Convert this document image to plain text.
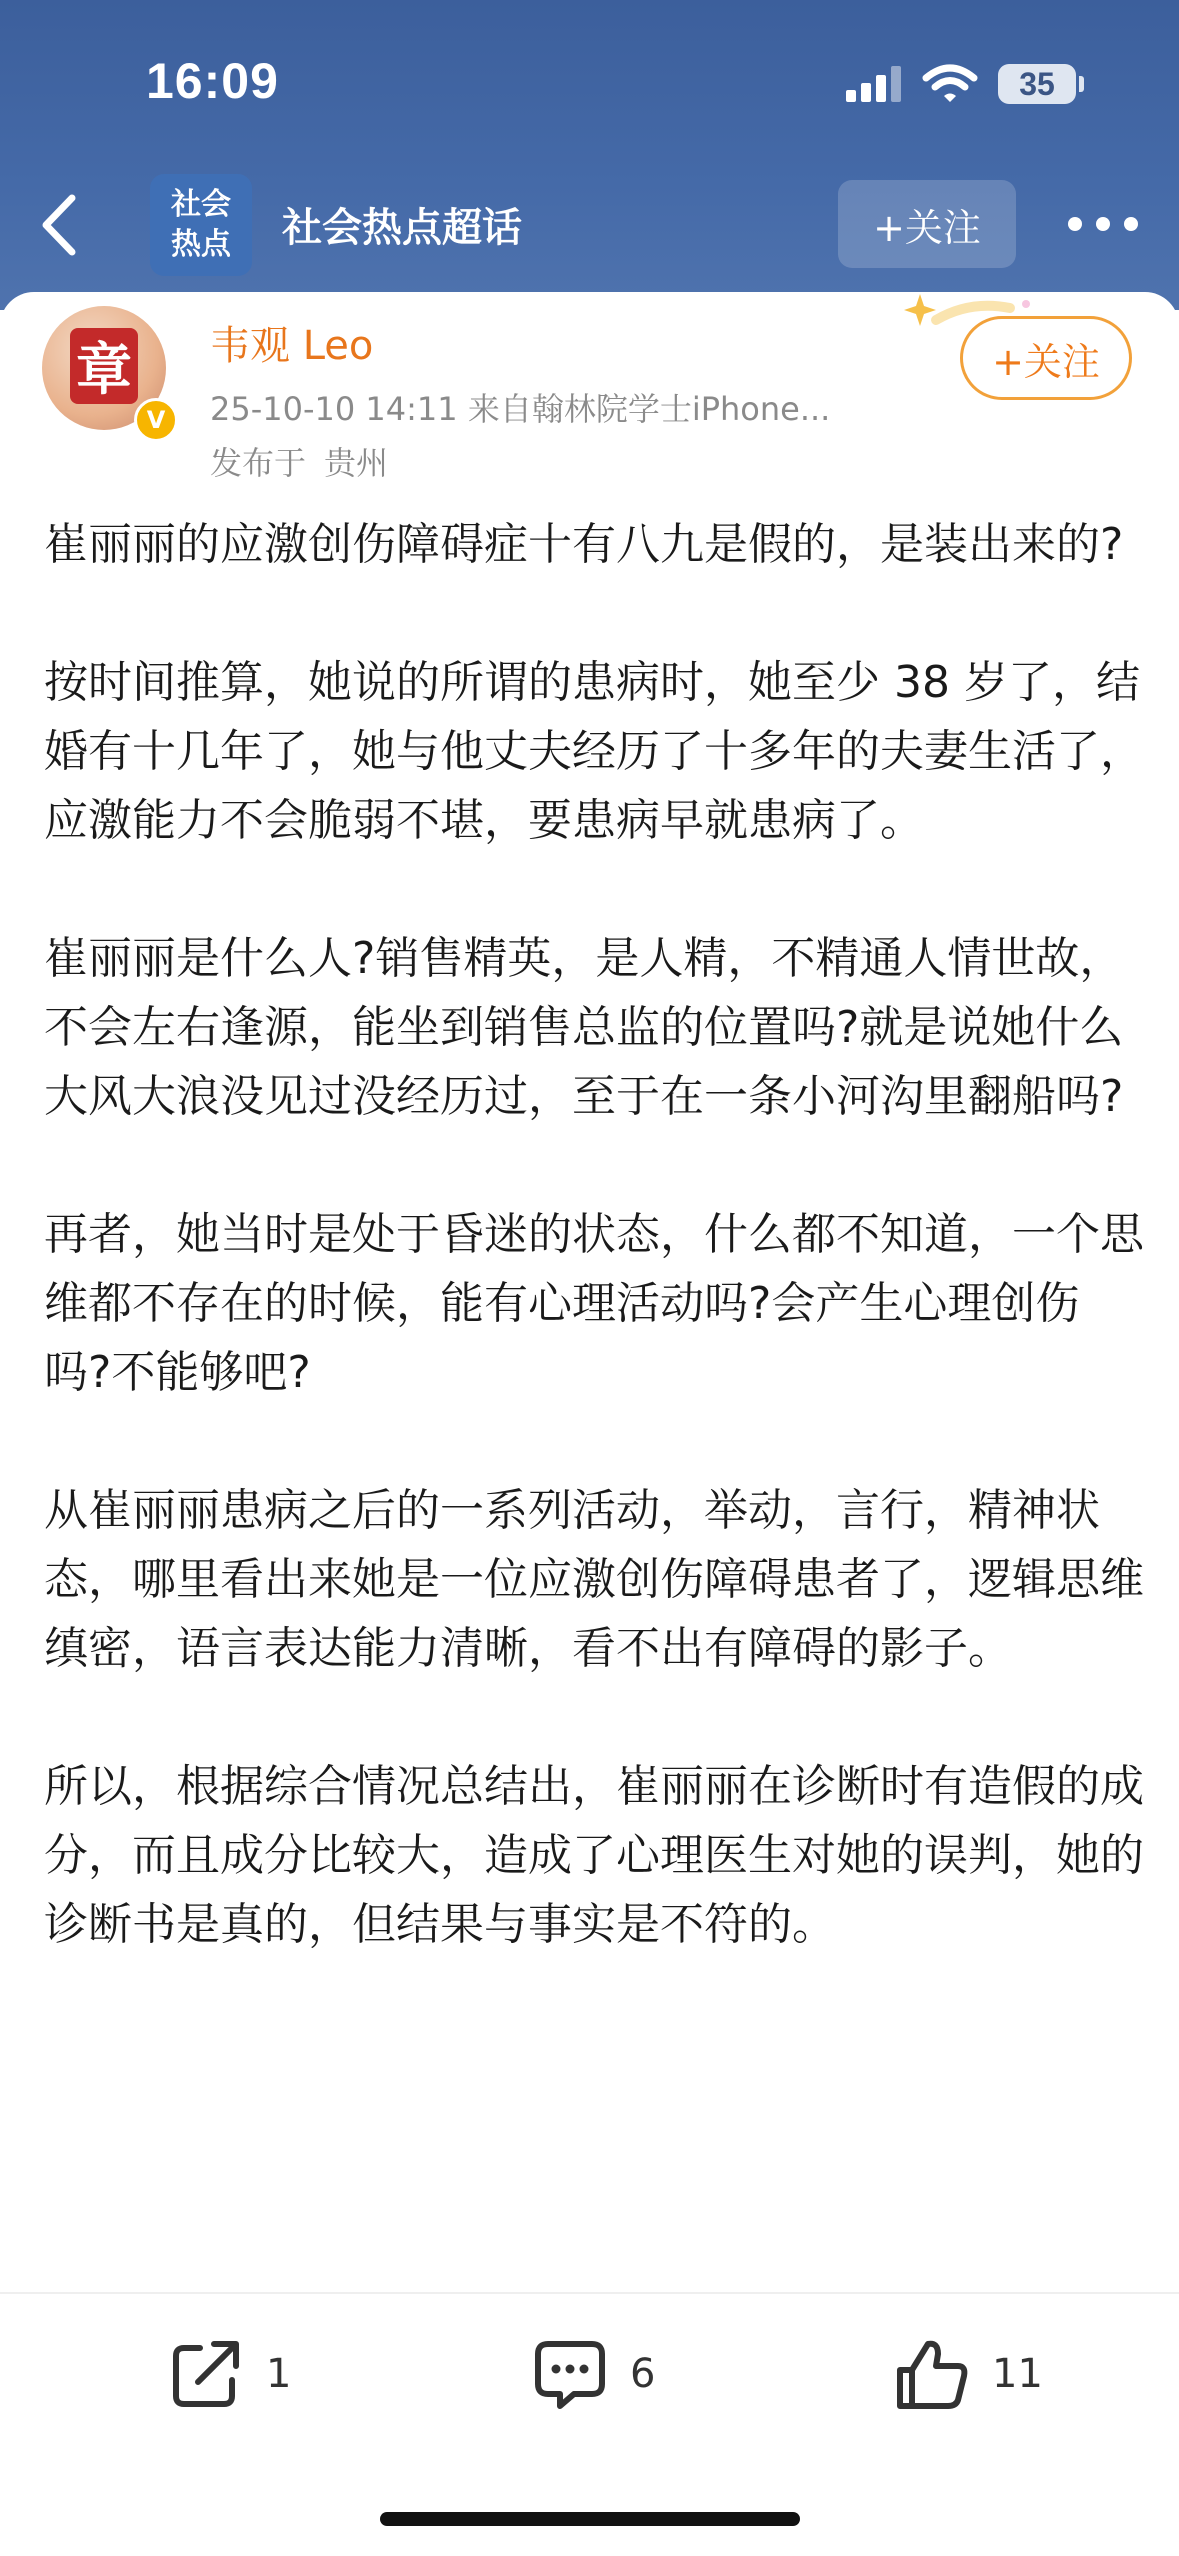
16:09	35
社会
热点 社会热点超话	+关注
章
V
韦观 Leo
25-10-10 14:11 来自翰林院学士iPhone...
发布于 贵州
+关注

崔丽丽的应激创伤障碍症十有八九是假的，是装出来的?

按时间推算，她说的所谓的患病时，她至少 38 岁了，结婚有十几年了，她与他丈夫经历了十多年的夫妻生活了，应激能力不会脆弱不堪，要患病早就患病了。

崔丽丽是什么人?销售精英，是人精，不精通人情世故，不会左右逢源，能坐到销售总监的位置吗?就是说她什么大风大浪没见过没经历过，至于在一条小河沟里翻船吗?

再者，她当时是处于昏迷的状态，什么都不知道，一个思维都不存在的时候，能有心理活动吗?会产生心理创伤吗?不能够吧?

从崔丽丽患病之后的一系列活动，举动，言行，精神状态，哪里看出来她是一位应激创伤障碍患者了，逻辑思维缜密，语言表达能力清晰，看不出有障碍的影子。

所以，根据综合情况总结出，崔丽丽在诊断时有造假的成分，而且成分比较大，造成了心理医生对她的误判，她的诊断书是真的，但结果与事实是不符的。

1	6	11
